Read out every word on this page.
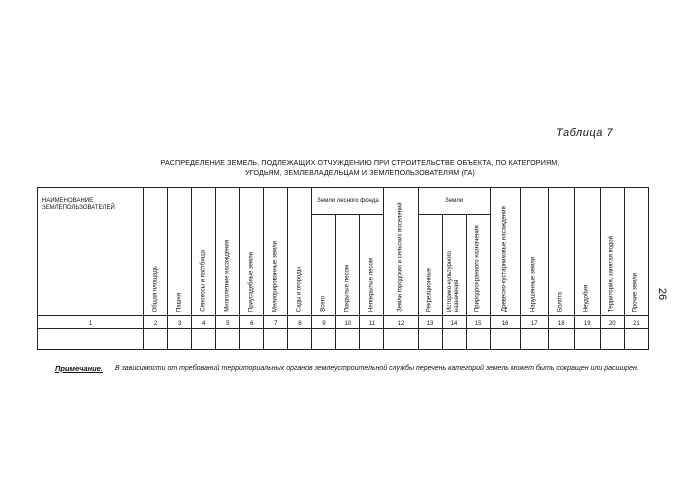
Таблица 7
РАСПРЕДЕЛЕНИЕ ЗЕМЕЛЬ, ПОДЛЕЖАЩИХ ОТЧУЖДЕНИЮ ПРИ СТРОИТЕЛЬСТВЕ ОБЪЕКТА, ПО КАТЕГОРИЯМ,
УГОДЬЯМ, ЗЕМЛЕВЛАДЕЛЬЦАМ И ЗЕМЛЕПОЛЬЗОВАТЕЛЯМ (ГА)
26
НАИМЕНОВАНИЕ ЗЕМЛЕПОЛЬЗОВАТЕЛЕЙ	Общая площадь	Пашня	Сенокосы и пастбища	Многолетние насаждения	Приусадебные земли	Мелиорированные земли	Сады и огороды	Земли лесного фонда			Земли городских и сельских поселений	Земли			Древесно-кустарниковые насаждения	Нарушенные земли	Болота	Неудобия	Территория, занятая водой	Прочие земли

								Всего	Покрытые лесом	Непокрытые лесом		Рекреационные	Историко-культурного назначения	Природоохранного назначения						

1	2	3	4	5	6	7	8	9	10	11	12	13	14	15	16	17	18	19	20	21

Примечание. В зависимости от требований территориальных органов землеустроительной службы перечень категорий земель может быть сокращен или расширен.
